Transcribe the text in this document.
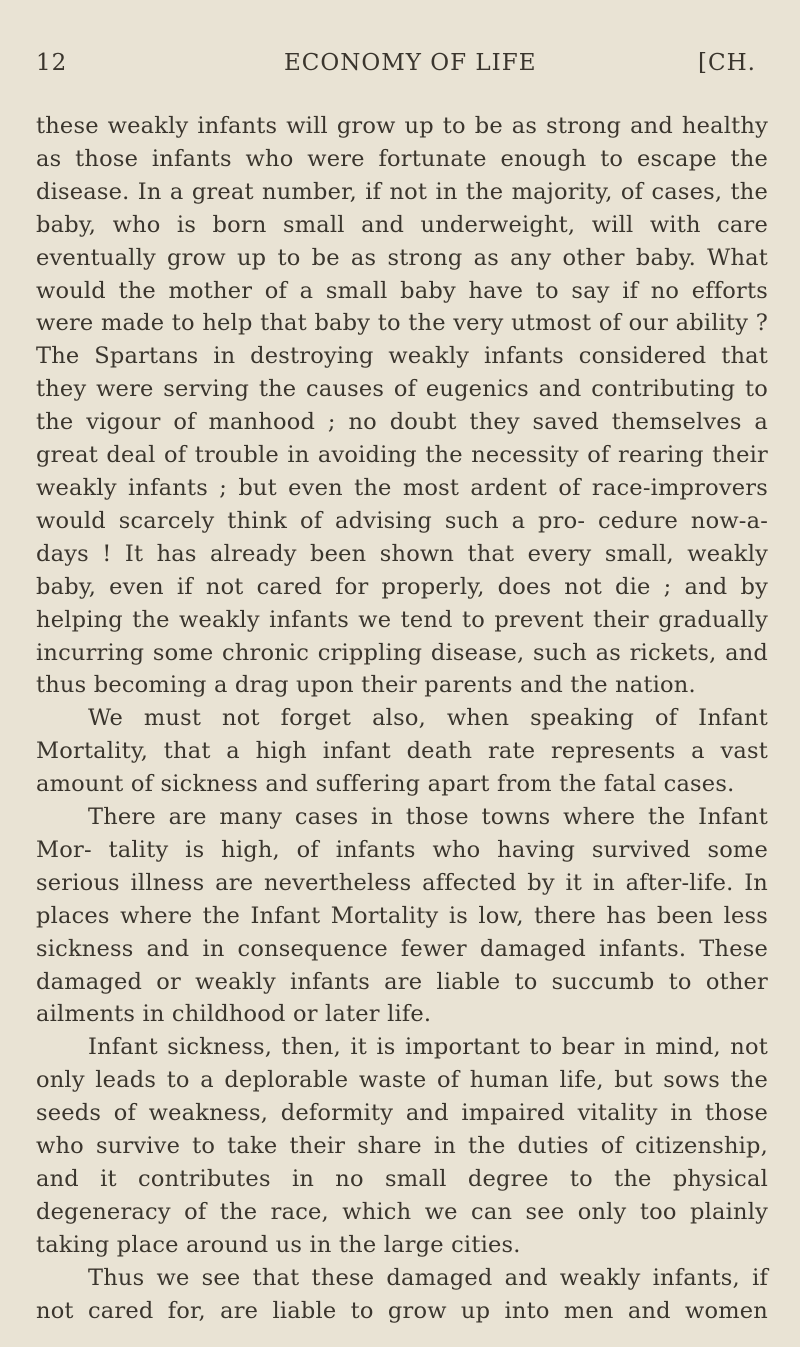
12	ECONOMY OF LIFE	[CH.

these weakly infants will grow up to be as strong and healthy as those infants who were fortunate enough to escape the disease. In a great number, if not in the majority, of cases, the baby, who is born small and underweight, will with care eventually grow up to be as strong as any other baby. What would the mother of a small baby have to say if no efforts were made to help that baby to the very utmost of our ability ? The Spartans in destroying weakly infants considered that they were serving the causes of eugenics and contributing to the vigour of manhood ; no doubt they saved themselves a great deal of trouble in avoiding the necessity of rearing their weakly infants ; but even the most ardent of race-improvers would scarcely think of advising such a pro- cedure now-a-days ! It has already been shown that every small, weakly baby, even if not cared for properly, does not die ; and by helping the weakly infants we tend to prevent their gradually incurring some chronic crippling disease, such as rickets, and thus becoming a drag upon their parents and the nation.

We must not forget also, when speaking of Infant Mortality, that a high infant death rate represents a vast amount of sickness and suffering apart from the fatal cases.

There are many cases in those towns where the Infant Mor- tality is high, of infants who having survived some serious illness are nevertheless affected by it in after-life. In places where the Infant Mortality is low, there has been less sickness and in consequence fewer damaged infants. These damaged or weakly infants are liable to succumb to other ailments in childhood or later life.

Infant sickness, then, it is important to bear in mind, not only leads to a deplorable waste of human life, but sows the seeds of weakness, deformity and impaired vitality in those who survive to take their share in the duties of citizenship, and it contributes in no small degree to the physical degeneracy of the race, which we can see only too plainly taking place around us in the large cities.

Thus we see that these damaged and weakly infants, if not cared for, are liable to grow up into men and women
